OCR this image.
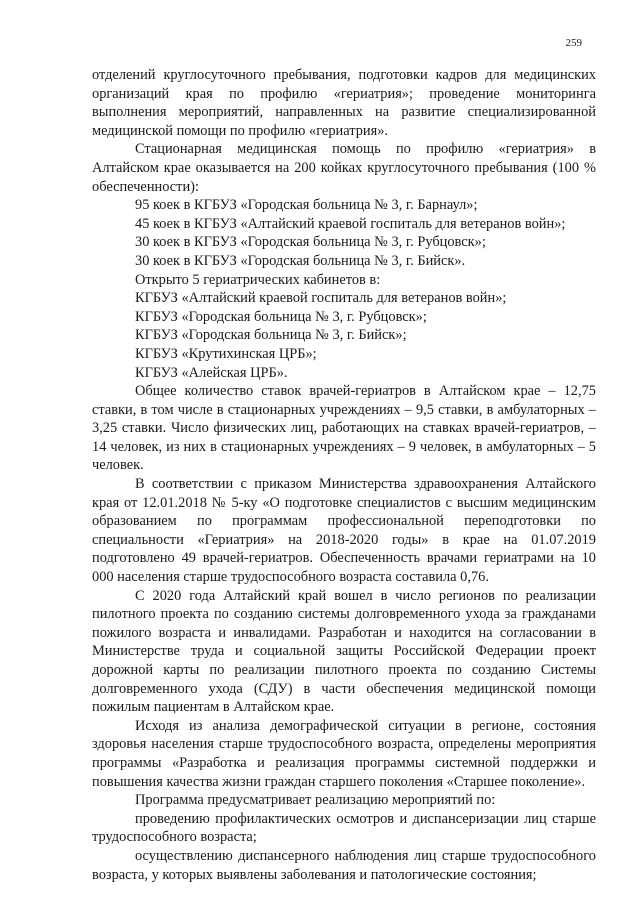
259

отделений круглосуточного пребывания, подготовки кадров для медицинских организаций края по профилю «гериатрия»; проведение мониторинга выполнения мероприятий, направленных на развитие специализированной медицинской помощи по профилю «гериатрия».

Стационарная медицинская помощь по профилю «гериатрия» в Алтайском крае оказывается на 200 койках круглосуточного пребывания (100 % обеспеченности):

95 коек в КГБУЗ «Городская больница № 3, г. Барнаул»;

45 коек в КГБУЗ «Алтайский краевой госпиталь для ветеранов войн»;

30 коек в КГБУЗ «Городская больница № 3, г. Рубцовск»;

30 коек в КГБУЗ «Городская больница № 3, г. Бийск».

Открыто 5 гериатрических кабинетов в:

КГБУЗ «Алтайский краевой госпиталь для ветеранов войн»;

КГБУЗ «Городская больница № 3, г. Рубцовск»;

КГБУЗ «Городская больница № 3, г. Бийск»;

КГБУЗ «Крутихинская ЦРБ»;

КГБУЗ «Алейская ЦРБ».

Общее количество ставок врачей-гериатров в Алтайском крае – 12,75 ставки, в том числе в стационарных учреждениях – 9,5 ставки, в амбулаторных – 3,25 ставки. Число физических лиц, работающих на ставках врачей-гериатров, – 14 человек, из них в стационарных учреждениях – 9 человек, в амбулаторных – 5 человек.

В соответствии с приказом Министерства здравоохранения Алтайского края от 12.01.2018 № 5-ку «О подготовке специалистов с высшим медицинским образованием по программам профессиональной переподготовки по специальности «Гериатрия» на 2018-2020 годы» в крае на 01.07.2019 подготовлено 49 врачей-гериатров. Обеспеченность врачами гериатрами на 10 000 населения старше трудоспособного возраста составила 0,76.

С 2020 года Алтайский край вошел в число регионов по реализации пилотного проекта по созданию системы долговременного ухода за гражданами пожилого возраста и инвалидами. Разработан и находится на согласовании в Министерстве труда и социальной защиты Российской Федерации проект дорожной карты по реализации пилотного проекта по созданию Системы долговременного ухода (СДУ) в части обеспечения медицинской помощи пожилым пациентам в Алтайском крае.

Исходя из анализа демографической ситуации в регионе, состояния здоровья населения старше трудоспособного возраста, определены мероприятия программы «Разработка и реализация программы системной поддержки и повышения качества жизни граждан старшего поколения «Старшее поколение».

Программа предусматривает реализацию мероприятий по:

проведению профилактических осмотров и диспансеризации лиц старше трудоспособного возраста;

осуществлению диспансерного наблюдения лиц старше трудоспособного возраста, у которых выявлены заболевания и патологические состояния;
